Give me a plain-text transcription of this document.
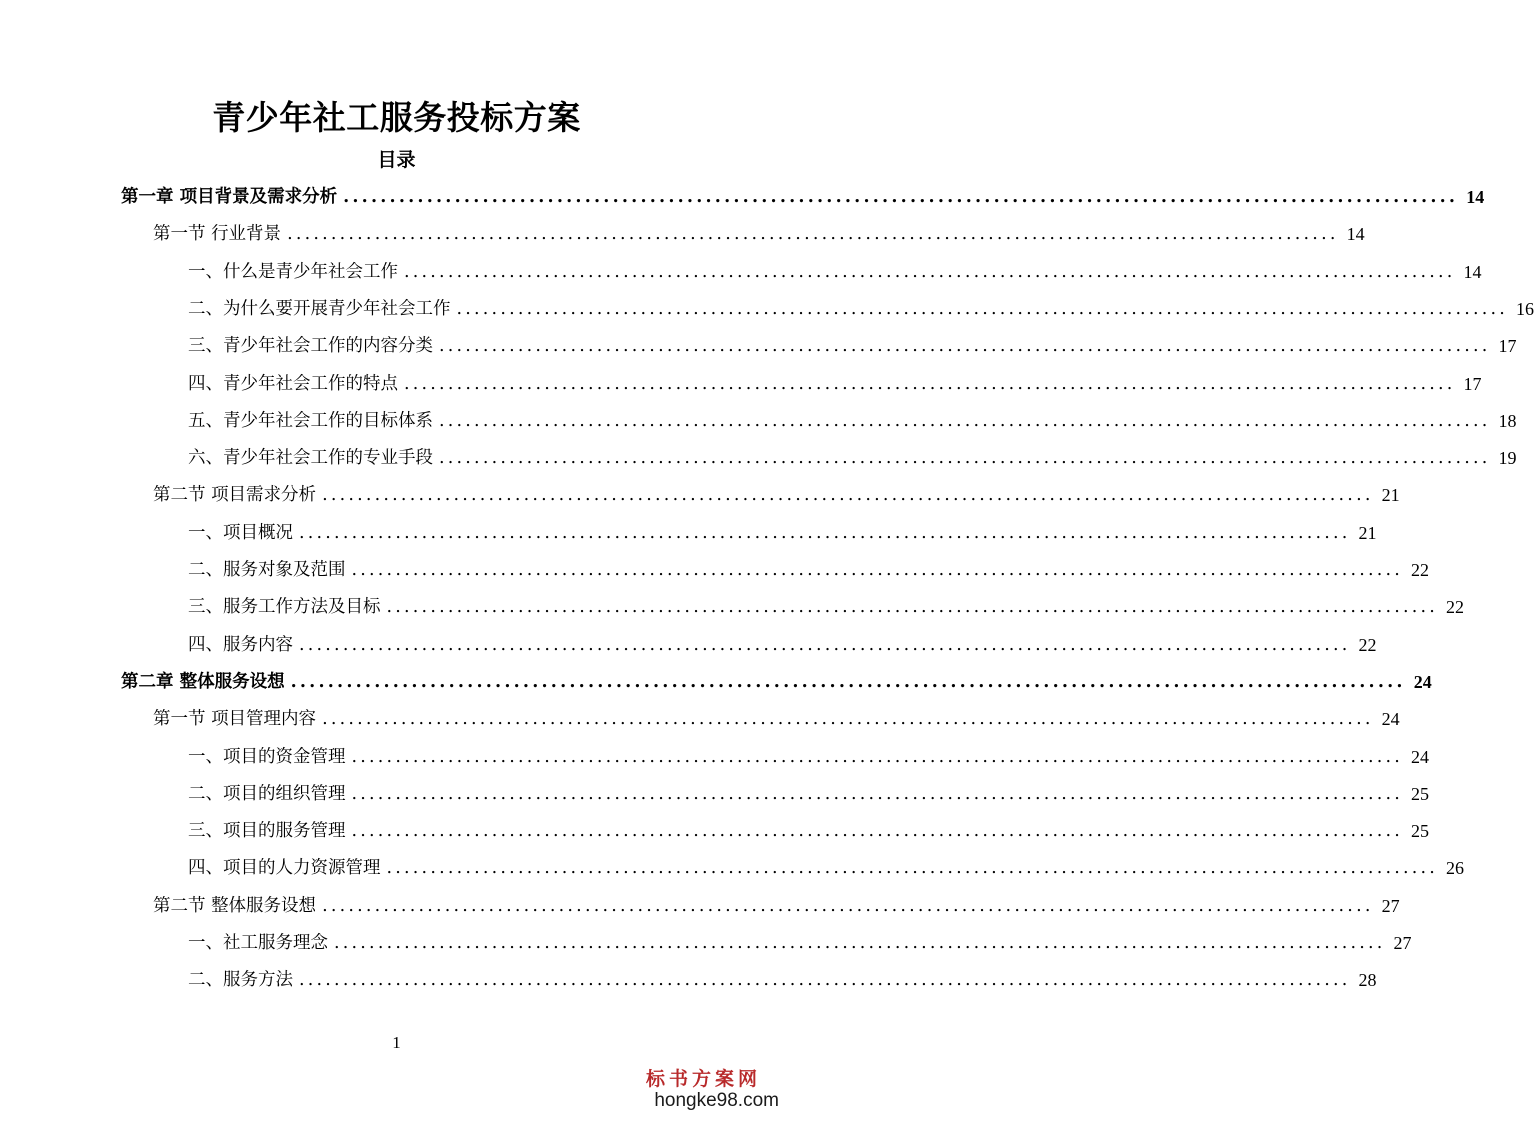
青少年社工服务投标方案
目录
第一章 项目背景及需求分析 ........................................................................................................................ 14
第一节 行业背景 ........................................................................................................................ 14
一、什么是青少年社会工作 ........................................................................................................................ 14
二、为什么要开展青少年社会工作 ........................................................................................................................ 16
三、青少年社会工作的内容分类 ........................................................................................................................ 17
四、青少年社会工作的特点 ........................................................................................................................ 17
五、青少年社会工作的目标体系 ........................................................................................................................ 18
六、青少年社会工作的专业手段 ........................................................................................................................ 19
第二节 项目需求分析 ........................................................................................................................ 21
一、项目概况 ........................................................................................................................ 21
二、服务对象及范围 ........................................................................................................................ 22
三、服务工作方法及目标 ........................................................................................................................ 22
四、服务内容 ........................................................................................................................ 22
第二章 整体服务设想 ........................................................................................................................ 24
第一节 项目管理内容 ........................................................................................................................ 24
一、项目的资金管理 ........................................................................................................................ 24
二、项目的组织管理 ........................................................................................................................ 25
三、项目的服务管理 ........................................................................................................................ 25
四、项目的人力资源管理 ........................................................................................................................ 26
第二节 整体服务设想 ........................................................................................................................ 27
一、社工服务理念 ........................................................................................................................ 27
二、服务方法 ........................................................................................................................ 28
1
标书方案网
hongke98.com
